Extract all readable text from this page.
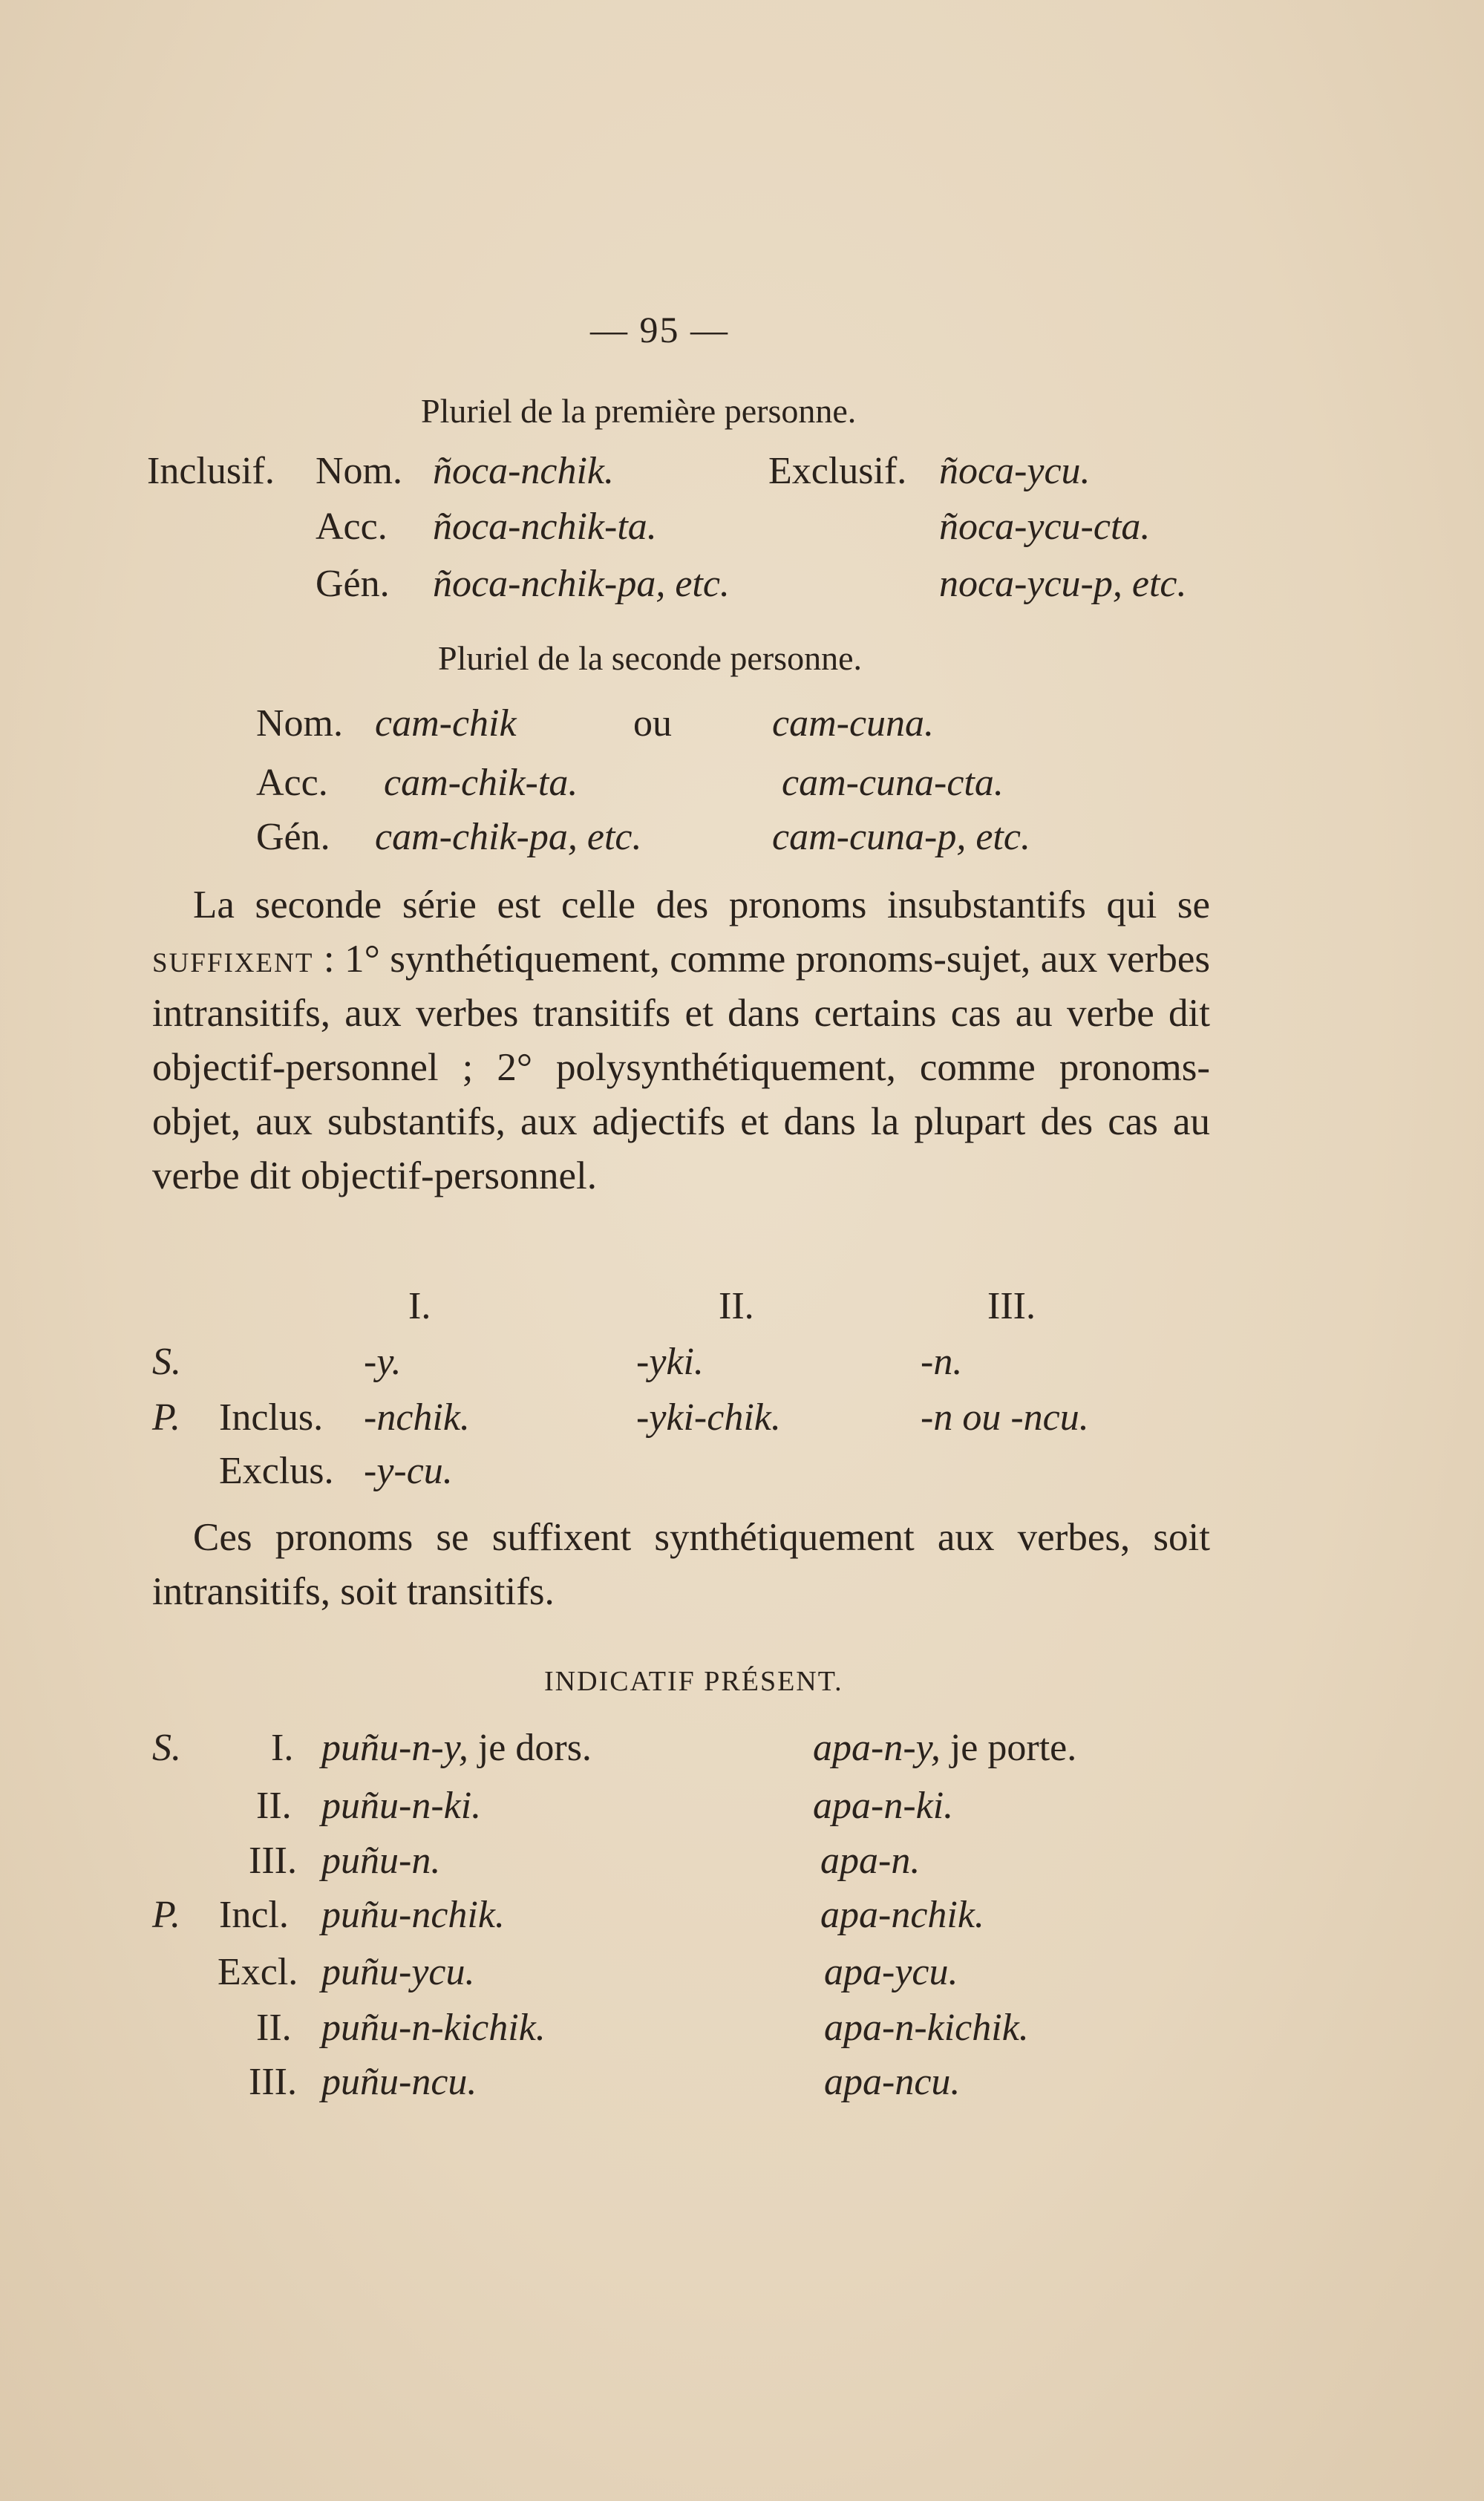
— 95 —
Pluriel de la première personne.
Inclusif. Nom. ñoca-nchik.	Exclusif. ñoca-ycu.
Acc. ñoca-nchik-ta.	ñoca-ycu-cta.
Gén. ñoca-nchik-pa, etc.	noca-ycu-p, etc.
Pluriel de la seconde personne.
Nom. cam-chik	ou	cam-cuna.
Acc. cam-chik-ta.	cam-cuna-cta.
Gén. cam-chik-pa, etc.	cam-cuna-p, etc.

La seconde série est celle des pronoms insubstantifs qui se suffixent : 1° synthétiquement, comme pronoms-sujet, aux verbes intransitifs, aux verbes transitifs et dans certains cas au verbe dit objectif-personnel ; 2° polysynthétiquement, comme pronoms-objet, aux substantifs, aux adjectifs et dans la plupart des cas au verbe dit objectif-personnel.

I.	II.	III.
S.	-y.	-yki.	-n.
P. Inclus. -nchik.	-yki-chik.	-n ou -ncu.
Exclus. -y-cu.

Ces pronoms se suffixent synthétiquement aux verbes, soit intransitifs, soit transitifs.

INDICATIF PRÉSENT.
S. I. puñu-n-y, je dors.	apa-n-y, je porte.
II. puñu-n-ki.	apa-n-ki.
III. puñu-n.	apa-n.
P. Incl. puñu-nchik.	apa-nchik.
Excl. puñu-ycu.	apa-ycu.
II. puñu-n-kichik.	apa-n-kichik.
III. puñu-ncu.	apa-ncu.
